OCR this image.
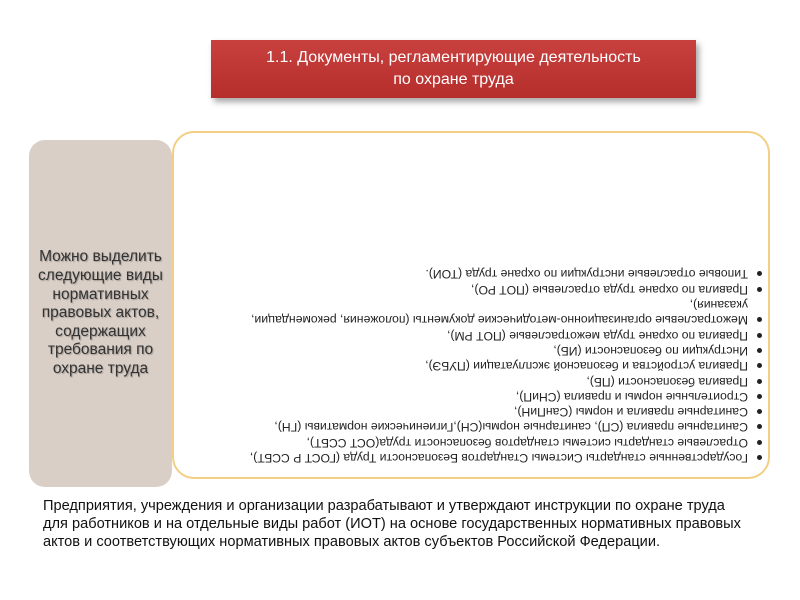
1.1. Документы, регламентирующие деятельность
по охране труда
Можно выделить следующие виды нормативных правовых актов, содержащих требования по охране труда
Государственные стандарты Системы Стандартов Безопасности Труда (ГОСТ Р ССБТ),
Отраслевые стандарты системы стандартов безопасности труда(ОСТ ССБТ),
Санитарные правила (СП), санитарные нормы(СН),Гигиенические нормативы (ГН),
Санитарные правила и нормы (СанПиН),
Строительные нормы и правила (СНиП),
Правила безопасности (ПБ),
Правила устройства и безопасной эксплуатации (ПУБЭ),
Инструкции по безопасности (ИБ),
Правила по охране труда межотраслевые (ПОТ РМ),
Межотраслевые организационно-методические документы (положения, рекомендации, указания),
Правила по охране труда отраслевые (ПОТ РО),
Типовые отраслевые инструкции по охране труда (ТОИ).
Предприятия, учреждения и организации разрабатывают и утверждают инструкции по охране труда для работников и на отдельные виды работ (ИОТ) на основе государственных нормативных правовых актов и соответствующих нормативных правовых актов субъектов Российской Федерации.
